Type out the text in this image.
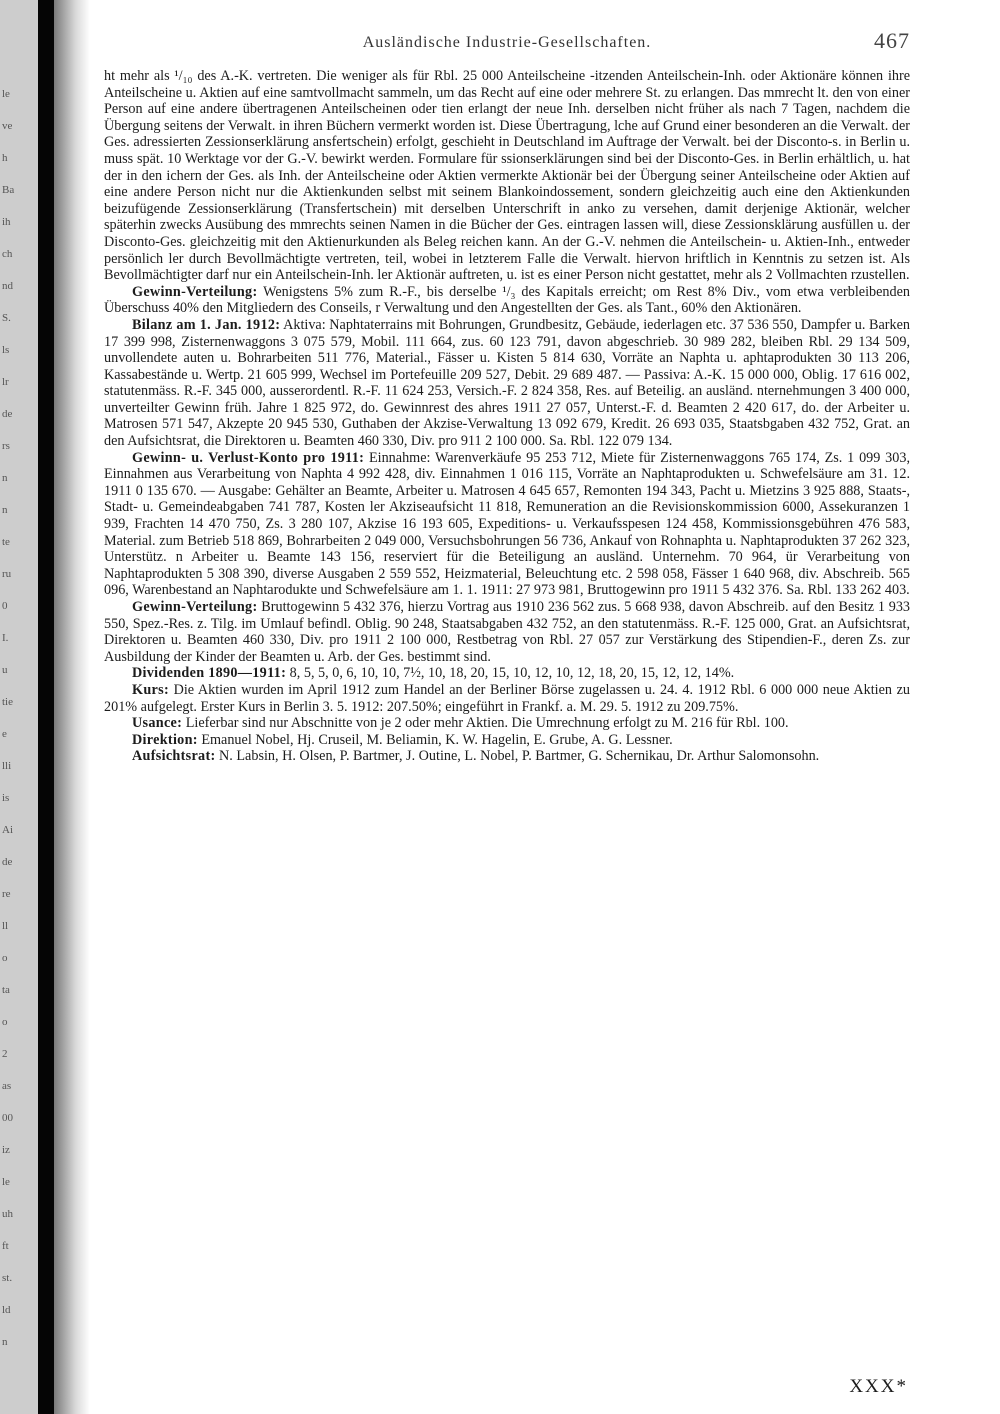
le
ve
h
Ba
ih
ch
nd
S.
ls
lr
de
rs
n
n
te
ru
0
I.
u
tie
e
lli
is
Ai
de
re
ll
o
ta
o
2
as
00
iz
le
uh
ft
st.
ld
n
Ausländische Industrie-Gesellschaften.	467

ht mehr als ¹/₁₀ des A.-K. vertreten. Die weniger als für Rbl. 25 000 Anteilscheine -itzenden Anteilschein-Inh. oder Aktionäre können ihre Anteilscheine u. Aktien auf eine samtvollmacht sammeln, um das Recht auf eine oder mehrere St. zu erlangen. Das mmrecht lt. den von einer Person auf eine andere übertragenen Anteilscheinen oder tien erlangt der neue Inh. derselben nicht früher als nach 7 Tagen, nachdem die Übergung seitens der Verwalt. in ihren Büchern vermerkt worden ist. Diese Übertragung, lche auf Grund einer besonderen an die Verwalt. der Ges. adressierten Zessionserklärung ansfertschein) erfolgt, geschieht in Deutschland im Auftrage der Verwalt. bei der Disconto-s. in Berlin u. muss spät. 10 Werktage vor der G.-V. bewirkt werden. Formulare für ssionserklärungen sind bei der Disconto-Ges. in Berlin erhältlich, u. hat der in den ichern der Ges. als Inh. der Anteilscheine oder Aktien vermerkte Aktionär bei der Übergung seiner Anteilscheine oder Aktien auf eine andere Person nicht nur die Aktienkunden selbst mit seinem Blankoindossement, sondern gleichzeitig auch eine den Aktienkunden beizufügende Zessionserklärung (Transfertschein) mit derselben Unterschrift in anko zu versehen, damit derjenige Aktionär, welcher späterhin zwecks Ausübung des mmrechts seinen Namen in die Bücher der Ges. eintragen lassen will, diese Zessionsklärung ausfüllen u. der Disconto-Ges. gleichzeitig mit den Aktienurkunden als Beleg reichen kann. An der G.-V. nehmen die Anteilschein- u. Aktien-Inh., entweder persönlich ler durch Bevollmächtigte vertreten, teil, wobei in letzterem Falle die Verwalt. hiervon hriftlich in Kenntnis zu setzen ist. Als Bevollmächtigter darf nur ein Anteilschein-Inh. ler Aktionär auftreten, u. ist es einer Person nicht gestattet, mehr als 2 Vollmachten rzustellen.

Gewinn-Verteilung: Wenigstens 5% zum R.-F., bis derselbe ¹/₃ des Kapitals erreicht; om Rest 8% Div., vom etwa verbleibenden Überschuss 40% den Mitgliedern des Conseils, r Verwaltung und den Angestellten der Ges. als Tant., 60% den Aktionären.

Bilanz am 1. Jan. 1912: Aktiva: Naphtaterrains mit Bohrungen, Grundbesitz, Gebäude, iederlagen etc. 37 536 550, Dampfer u. Barken 17 399 998, Zisternenwaggons 3 075 579, Mobil. 111 664, zus. 60 123 791, davon abgeschrieb. 30 989 282, bleiben Rbl. 29 134 509, unvollendete auten u. Bohrarbeiten 511 776, Material., Fässer u. Kisten 5 814 630, Vorräte an Naphta u. aphtaprodukten 30 113 206, Kassabestände u. Wertp. 21 605 999, Wechsel im Portefeuille 209 527, Debit. 29 689 487. — Passiva: A.-K. 15 000 000, Oblig. 17 616 002, statutenmäss. R.-F. 345 000, ausserordentl. R.-F. 11 624 253, Versich.-F. 2 824 358, Res. auf Beteilig. an ausländ. nternehmungen 3 400 000, unverteilter Gewinn früh. Jahre 1 825 972, do. Gewinnrest des ahres 1911 27 057, Unterst.-F. d. Beamten 2 420 617, do. der Arbeiter u. Matrosen 571 547, Akzepte 20 945 530, Guthaben der Akzise-Verwaltung 13 092 679, Kredit. 26 693 035, Staatsbgaben 432 752, Grat. an den Aufsichtsrat, die Direktoren u. Beamten 460 330, Div. pro 911 2 100 000. Sa. Rbl. 122 079 134.

Gewinn- u. Verlust-Konto pro 1911: Einnahme: Warenverkäufe 95 253 712, Miete für Zisternenwaggons 765 174, Zs. 1 099 303, Einnahmen aus Verarbeitung von Naphta 4 992 428, div. Einnahmen 1 016 115, Vorräte an Naphtaprodukten u. Schwefelsäure am 31. 12. 1911 0 135 670. — Ausgabe: Gehälter an Beamte, Arbeiter u. Matrosen 4 645 657, Remonten 194 343, Pacht u. Mietzins 3 925 888, Staats-, Stadt- u. Gemeindeabgaben 741 787, Kosten ler Akziseaufsicht 11 818, Remuneration an die Revisionskommission 6000, Assekuranzen 1 939, Frachten 14 470 750, Zs. 3 280 107, Akzise 16 193 605, Expeditions- u. Verkaufsspesen 124 458, Kommissionsgebühren 476 583, Material. zum Betrieb 518 869, Bohrarbeiten 2 049 000, Versuchsbohrungen 56 736, Ankauf von Rohnaphta u. Naphtaprodukten 37 262 323, Unterstütz. n Arbeiter u. Beamte 143 156, reserviert für die Beteiligung an ausländ. Unternehm. 70 964, ür Verarbeitung von Naphtaprodukten 5 308 390, diverse Ausgaben 2 559 552, Heizmaterial, Beleuchtung etc. 2 598 058, Fässer 1 640 968, div. Abschreib. 565 096, Warenbestand an Naphtarodukte und Schwefelsäure am 1. 1. 1911: 27 973 981, Bruttogewinn pro 1911 5 432 376. Sa. Rbl. 133 262 403.

Gewinn-Verteilung: Bruttogewinn 5 432 376, hierzu Vortrag aus 1910 236 562 zus. 5 668 938, davon Abschreib. auf den Besitz 1 933 550, Spez.-Res. z. Tilg. im Umlauf befindl. Oblig. 90 248, Staatsabgaben 432 752, an den statutenmäss. R.-F. 125 000, Grat. an Aufsichtsrat, Direktoren u. Beamten 460 330, Div. pro 1911 2 100 000, Restbetrag von Rbl. 27 057 zur Verstärkung des Stipendien-F., deren Zs. zur Ausbildung der Kinder der Beamten u. Arb. der Ges. bestimmt sind.

Dividenden 1890—1911: 8, 5, 5, 0, 6, 10, 10, 7½, 10, 18, 20, 15, 10, 12, 10, 12, 18, 20, 15, 12, 12, 14%.

Kurs: Die Aktien wurden im April 1912 zum Handel an der Berliner Börse zugelassen u. 24. 4. 1912 Rbl. 6 000 000 neue Aktien zu 201% aufgelegt. Erster Kurs in Berlin 3. 5. 1912: 207.50%; eingeführt in Frankf. a. M. 29. 5. 1912 zu 209.75%.

Usance: Lieferbar sind nur Abschnitte von je 2 oder mehr Aktien. Die Umrechnung erfolgt zu M. 216 für Rbl. 100.

Direktion: Emanuel Nobel, Hj. Cruseil, M. Beliamin, K. W. Hagelin, E. Grube, A. G. Lessner.

Aufsichtsrat: N. Labsin, H. Olsen, P. Bartmer, J. Outine, L. Nobel, P. Bartmer, G. Schernikau, Dr. Arthur Salomonsohn.

XXX*
